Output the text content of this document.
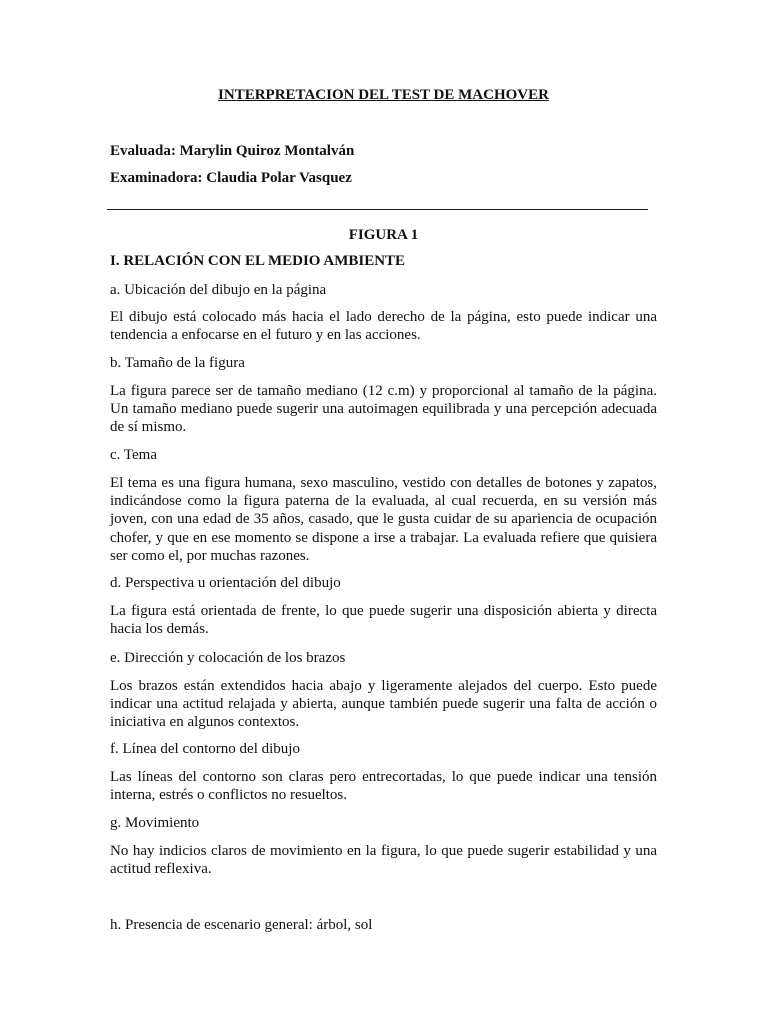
INTERPRETACION DEL TEST DE MACHOVER
Evaluada: Marylin Quiroz Montalván
Examinadora: Claudia Polar Vasquez
FIGURA 1
I. RELACIÓN CON EL MEDIO AMBIENTE
a. Ubicación del dibujo en la página
El dibujo está colocado más hacia el lado derecho de la página, esto puede indicar una tendencia a enfocarse en el futuro y en las acciones.
b. Tamaño de la figura
La figura parece ser de tamaño mediano (12 c.m) y proporcional al tamaño de la página. Un tamaño mediano puede sugerir una autoimagen equilibrada y una percepción adecuada de sí mismo.
c. Tema
El tema es una figura humana, sexo masculino, vestido con detalles de botones y zapatos, indicándose como la figura paterna de la evaluada, al cual recuerda, en su versión más joven, con una edad de 35 años, casado, que le gusta cuidar de su apariencia de ocupación chofer, y que en ese momento se dispone a irse a trabajar. La evaluada refiere que quisiera ser como el, por muchas razones.
d. Perspectiva u orientación del dibujo
La figura está orientada de frente, lo que puede sugerir una disposición abierta y directa hacia los demás.
e. Dirección y colocación de los brazos
Los brazos están extendidos hacia abajo y ligeramente alejados del cuerpo. Esto puede indicar una actitud relajada y abierta, aunque también puede sugerir una falta de acción o iniciativa en algunos contextos.
f. Línea del contorno del dibujo
Las líneas del contorno son claras pero entrecortadas, lo que puede indicar una tensión interna, estrés o conflictos no resueltos.
g. Movimiento
No hay indicios claros de movimiento en la figura, lo que puede sugerir estabilidad y una actitud reflexiva.
h. Presencia de escenario general: árbol, sol
